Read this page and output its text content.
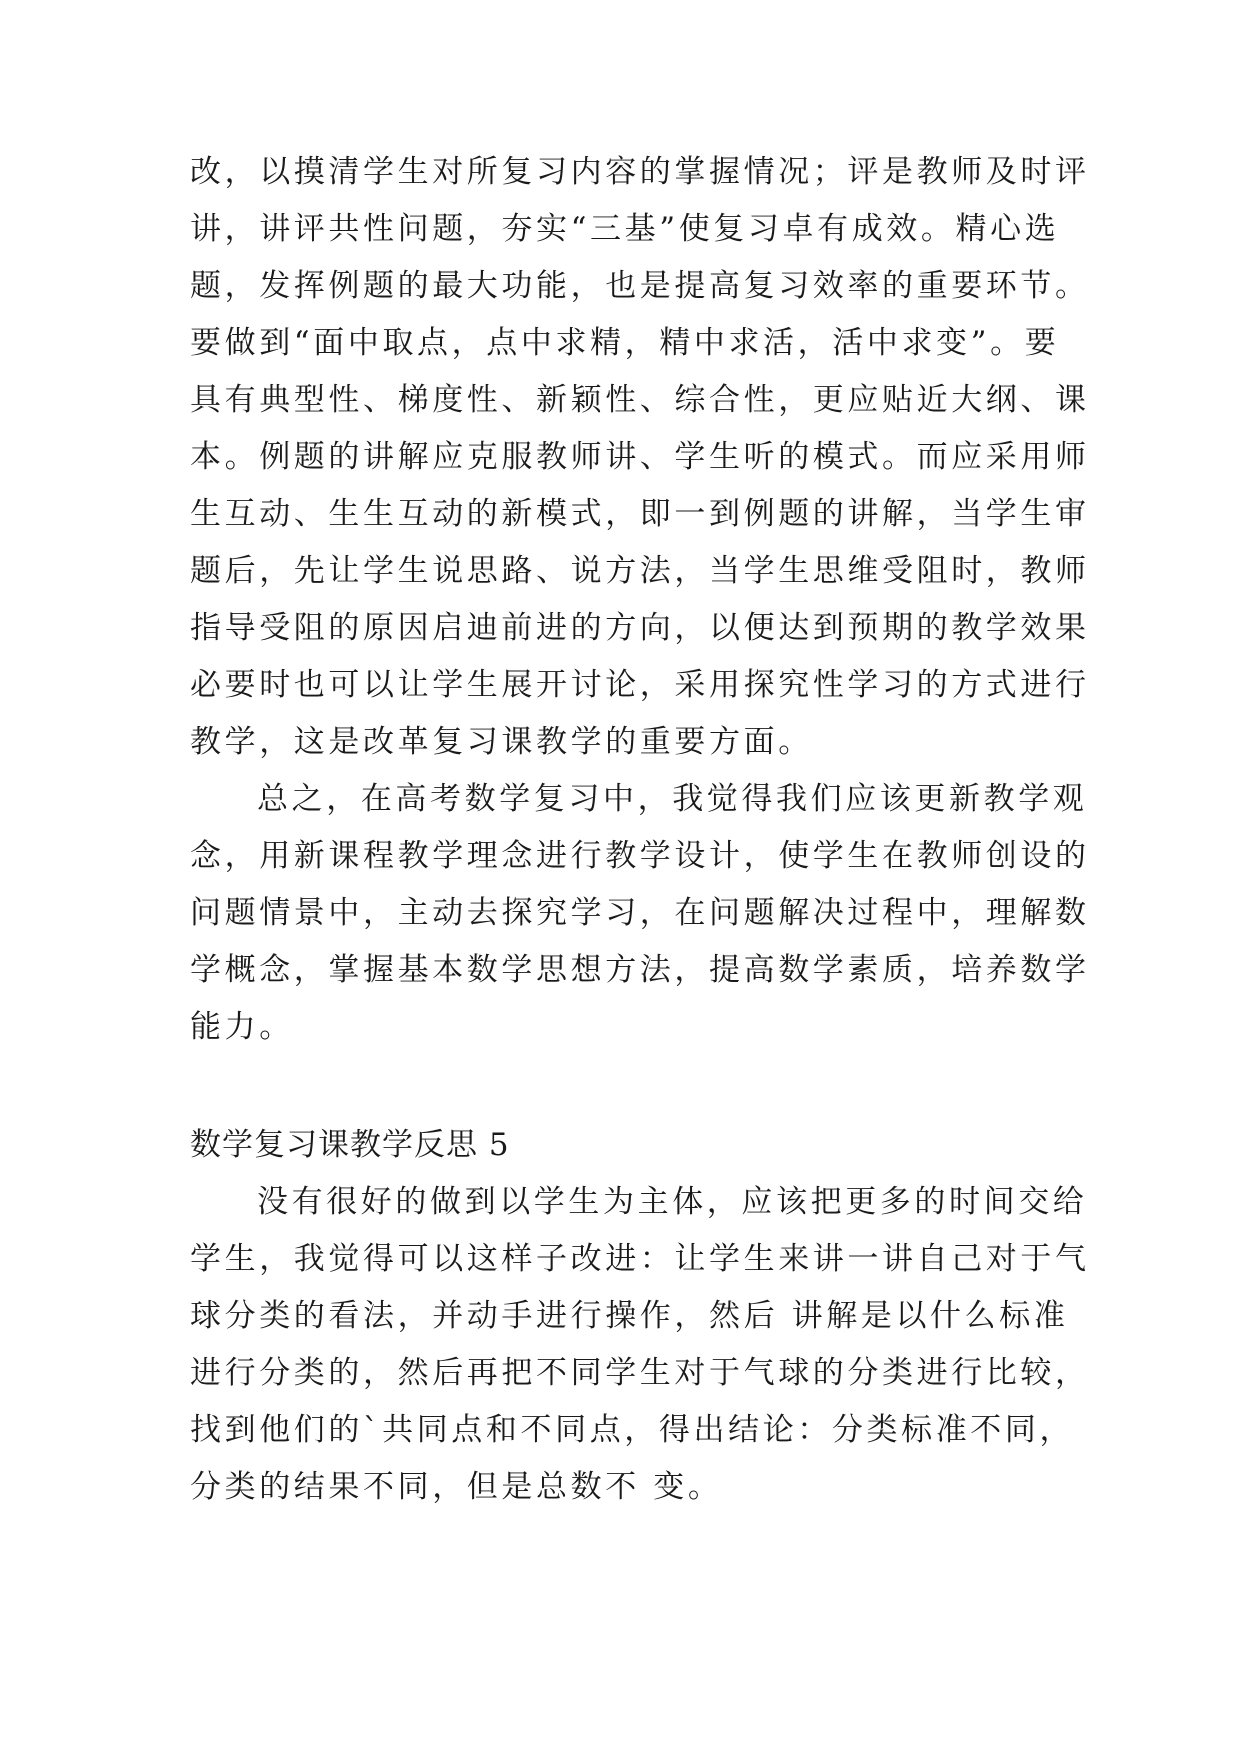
改，以摸清学生对所复习内容的掌握情况；评是教师及时评
讲，讲评共性问题，夯实“三基”使复习卓有成效。精心选
题，发挥例题的最大功能，也是提高复习效率的重要环节。
要做到“面中取点，点中求精，精中求活，活中求变”。要
具有典型性、梯度性、新颖性、综合性，更应贴近大纲、课
本。例题的讲解应克服教师讲、学生听的模式。而应采用师
生互动、生生互动的新模式，即一到例题的讲解，当学生审
题后，先让学生说思路、说方法，当学生思维受阻时，教师
指导受阻的原因启迪前进的方向，以便达到预期的教学效果
必要时也可以让学生展开讨论，采用探究性学习的方式进行
教学，这是改革复习课教学的重要方面。
总之，在高考数学复习中，我觉得我们应该更新教学观
念，用新课程教学理念进行教学设计，使学生在教师创设的
问题情景中，主动去探究学习，在问题解决过程中，理解数
学概念，掌握基本数学思想方法，提高数学素质，培养数学
能力。
数学复习课教学反思 5
没有很好的做到以学生为主体，应该把更多的时间交给
学生，我觉得可以这样子改进：让学生来讲一讲自己对于气
球分类的看法，并动手进行操作，然后 讲解是以什么标准
进行分类的，然后再把不同学生对于气球的分类进行比较，
找到他们的`共同点和不同点，得出结论：分类标准不同，
分类的结果不同，但是总数不 变。
